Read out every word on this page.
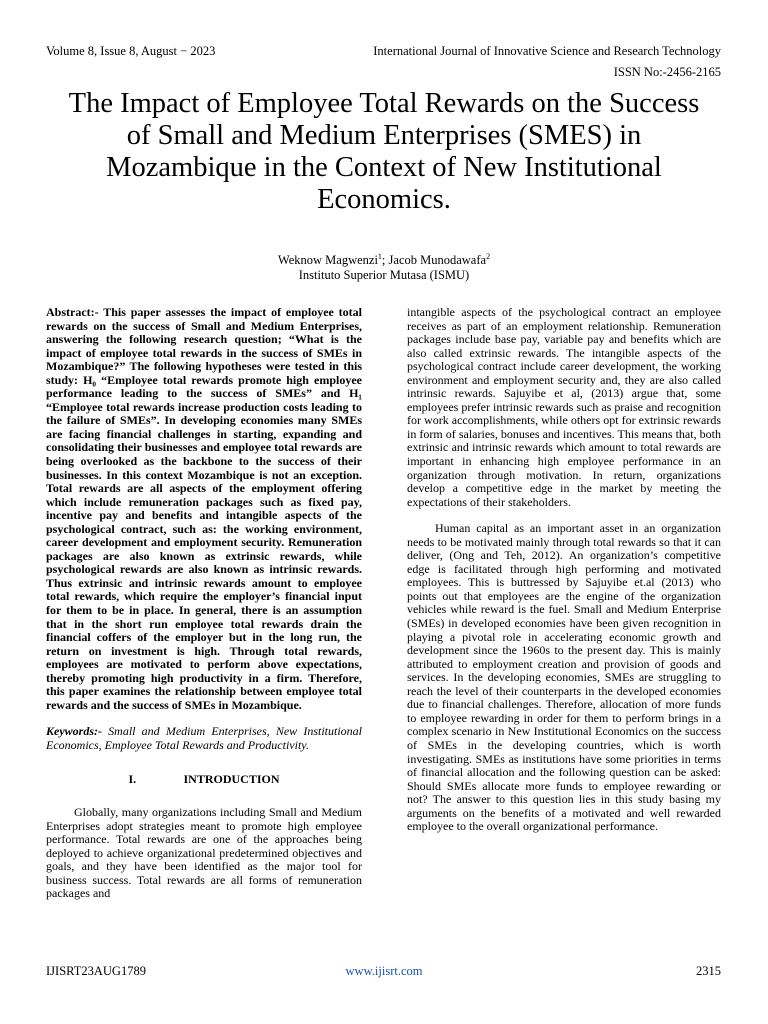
Volume 8, Issue 8, August − 2023	International Journal of Innovative Science and Research Technology
ISSN No:-2456-2165
The Impact of Employee Total Rewards on the Success of Small and Medium Enterprises (SMES) in Mozambique in the Context of New Institutional Economics.
Weknow Magwenzi$^1$; Jacob Munodawafa$^2$
Instituto Superior Mutasa (ISMU)

Abstract:- This paper assesses the impact of employee total rewards on the success of Small and Medium Enterprises, answering the following research question; “What is the impact of employee total rewards in the success of SMEs in Mozambique?” The following hypotheses were tested in this study: H₀ “Employee total rewards promote high employee performance leading to the success of SMEs” and H₁ “Employee total rewards increase production costs leading to the failure of SMEs”. In developing economies many SMEs are facing financial challenges in starting, expanding and consolidating their businesses and employee total rewards are being overlooked as the backbone to the success of their businesses. In this context Mozambique is not an exception. Total rewards are all aspects of the employment offering which include remuneration packages such as fixed pay, incentive pay and benefits and intangible aspects of the psychological contract, such as: the working environment, career development and employment security. Remuneration packages are also known as extrinsic rewards, while psychological rewards are also known as intrinsic rewards. Thus extrinsic and intrinsic rewards amount to employee total rewards, which require the employer’s financial input for them to be in place. In general, there is an assumption that in the short run employee total rewards drain the financial coffers of the employer but in the long run, the return on investment is high. Through total rewards, employees are motivated to perform above expectations, thereby promoting high productivity in a firm. Therefore, this paper examines the relationship between employee total rewards and the success of SMEs in Mozambique.

Keywords:- Small and Medium Enterprises, New Institutional Economics, Employee Total Rewards and Productivity.

I.	INTRODUCTION

Globally, many organizations including Small and Medium Enterprises adopt strategies meant to promote high employee performance. Total rewards are one of the approaches being deployed to achieve organizational predetermined objectives and goals, and they have been identified as the major tool for business success. Total rewards are all forms of remuneration packages and

intangible aspects of the psychological contract an employee receives as part of an employment relationship. Remuneration packages include base pay, variable pay and benefits which are also called extrinsic rewards. The intangible aspects of the psychological contract include career development, the working environment and employment security and, they are also called intrinsic rewards. Sajuyibe et al, (2013) argue that, some employees prefer intrinsic rewards such as praise and recognition for work accomplishments, while others opt for extrinsic rewards in form of salaries, bonuses and incentives. This means that, both extrinsic and intrinsic rewards which amount to total rewards are important in enhancing high employee performance in an organization through motivation. In return, organizations develop a competitive edge in the market by meeting the expectations of their stakeholders.

Human capital as an important asset in an organization needs to be motivated mainly through total rewards so that it can deliver, (Ong and Teh, 2012). An organization’s competitive edge is facilitated through high performing and motivated employees. This is buttressed by Sajuyibe et.al (2013) who points out that employees are the engine of the organization vehicles while reward is the fuel. Small and Medium Enterprise (SMEs) in developed economies have been given recognition in playing a pivotal role in accelerating economic growth and development since the 1960s to the present day. This is mainly attributed to employment creation and provision of goods and services. In the developing economies, SMEs are struggling to reach the level of their counterparts in the developed economies due to financial challenges. Therefore, allocation of more funds to employee rewarding in order for them to perform brings in a complex scenario in New Institutional Economics on the success of SMEs in the developing countries, which is worth investigating. SMEs as institutions have some priorities in terms of financial allocation and the following question can be asked: Should SMEs allocate more funds to employee rewarding or not? The answer to this question lies in this study basing my arguments on the benefits of a motivated and well rewarded employee to the overall organizational performance.

IJISRT23AUG1789	www.ijisrt.com	2315
